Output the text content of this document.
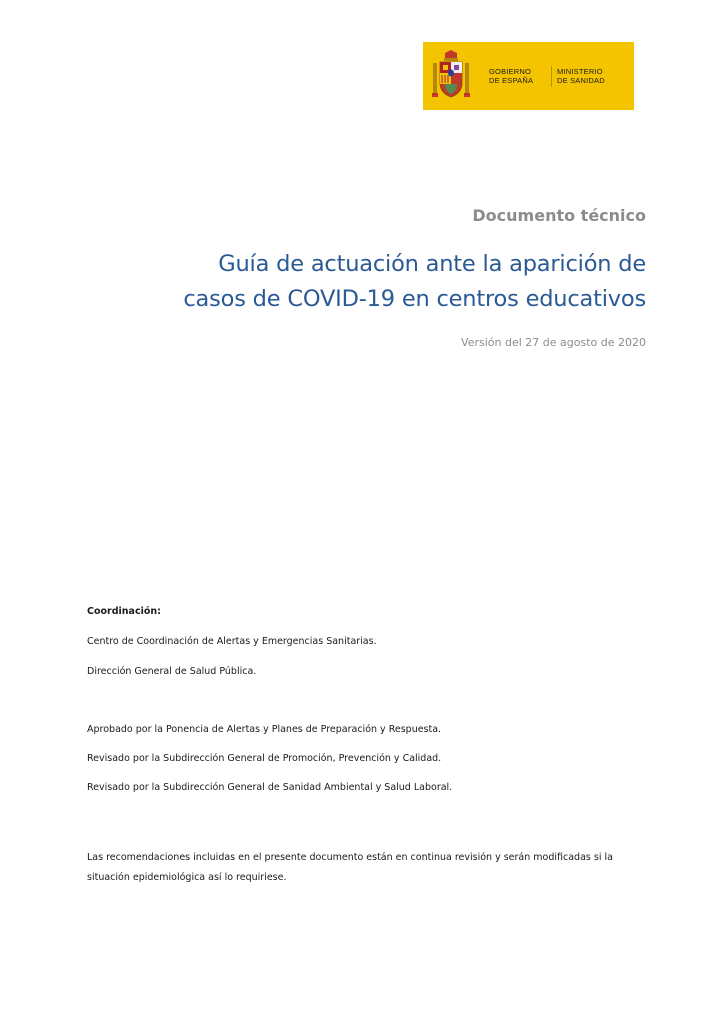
GOBIERNO
DE ESPAÑA
MINISTERIO
DE SANIDAD
Documento técnico
Guía de actuación ante la aparición de
casos de COVID-19 en centros educativos
Versión del 27 de agosto de 2020
Coordinación:
Centro de Coordinación de Alertas y Emergencias Sanitarias.
Dirección General de Salud Pública.
Aprobado por la Ponencia de Alertas y Planes de Preparación y Respuesta.
Revisado por la Subdirección General de Promoción, Prevención y Calidad.
Revisado por la Subdirección General de Sanidad Ambiental y Salud Laboral.
Las recomendaciones incluidas en el presente documento están en continua revisión y serán modificadas si la situación epidemiológica así lo requiriese.
